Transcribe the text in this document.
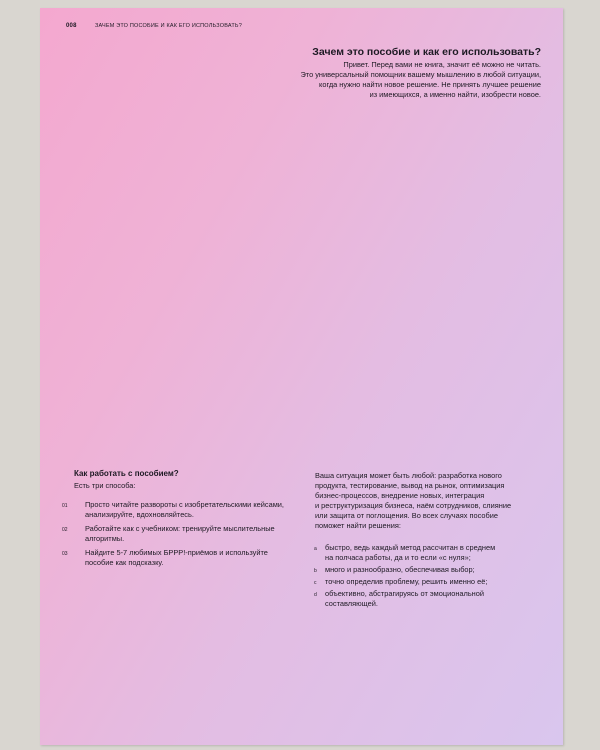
008	ЗАЧЕМ ЭТО ПОСОБИЕ И КАК ЕГО ИСПОЛЬЗОВАТЬ?
Зачем это пособие и как его использовать?

Привет. Перед вами не книга, значит её можно не читать.
Это универсальный помощник вашему мышлению в любой ситуации,
когда нужно найти новое решение. Не принять лучшее решение
из имеющихся, а именно найти, изобрести новое.

Как работать с пособием?

Есть три способа:

01 Просто читайте развороты с изобретательскими кейсами,
анализируйте, вдохновляйтесь.
02 Работайте как с учебником: тренируйте мыслительные
алгоритмы.
03 Найдите 5-7 любимых БРРР!-приёмов и используйте
пособие как подсказку.

Ваша ситуация может быть любой: разработка нового
продукта, тестирование, вывод на рынок, оптимизация
бизнес-процессов, внедрение новых, интеграция
и реструктуризация бизнеса, наём сотрудников, слияние
или защита от поглощения. Во всех случаях пособие
поможет найти решения:

a быстро, ведь каждый метод рассчитан в среднем
на полчаса работы, да и то если «с нуля»;
b много и разнообразно, обеспечивая выбор;
c точно определив проблему, решить именно её;
d объективно, абстрагируясь от эмоциональной
составляющей.
